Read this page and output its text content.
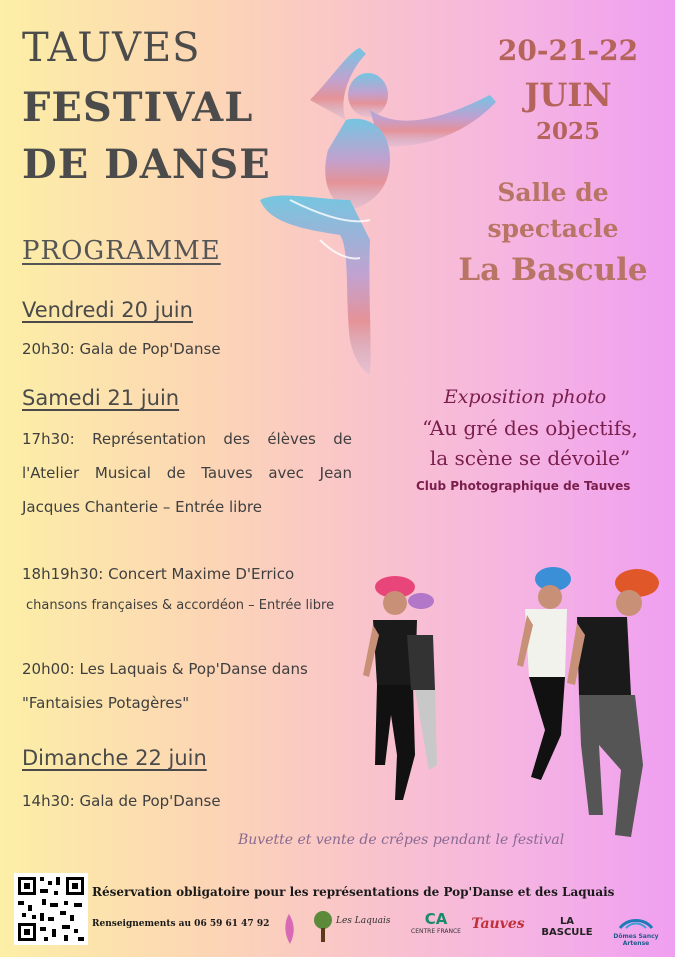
TAUVES
FESTIVAL
DE DANSE
20-21-22
JUIN
2025
Salle de
spectacle
La Bascule
PROGRAMME
Vendredi 20 juin
20h30: Gala de Pop'Danse
Samedi 21 juin
17h30: Représentation des élèves de l'Atelier Musical de Tauves avec Jean Jacques Chanterie – Entrée libre
18h19h30: Concert Maxime D'Errico
chansons françaises & accordéon – Entrée libre
20h00: Les Laquais & Pop'Danse dans
"Fantaisies Potagères"
Dimanche 22 juin
14h30: Gala de Pop'Danse
Exposition photo
“Au gré des objectifs,
la scène se dévoile”
Club Photographique de Tauves
Buvette et vente de crêpes pendant le festival
Réservation obligatoire pour les représentations de Pop'Danse et des Laquais
Renseignements au 06 59 61 47 92	Les Laquais	CA
CENTRE FRANCE Tauves	LA BASCULE	Dômes Sancy Artense
